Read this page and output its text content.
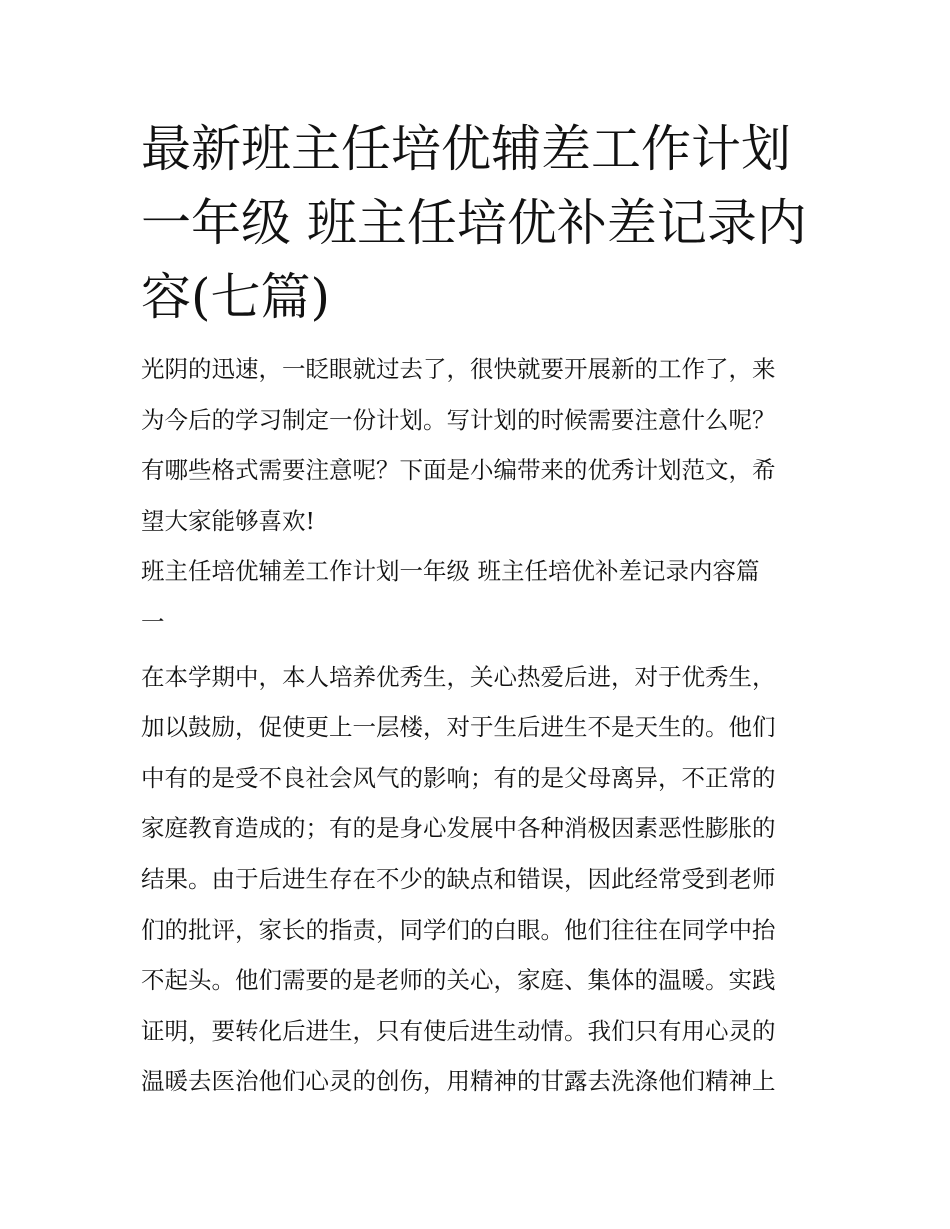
最新班主任培优辅差工作计划
一年级 班主任培优补差记录内
容(七篇)

光阴的迅速，一眨眼就过去了，很快就要开展新的工作了，来
为今后的学习制定一份计划。写计划的时候需要注意什么呢？
有哪些格式需要注意呢？下面是小编带来的优秀计划范文，希
望大家能够喜欢!

班主任培优辅差工作计划一年级 班主任培优补差记录内容篇
一

在本学期中，本人培养优秀生，关心热爱后进，对于优秀生，
加以鼓励，促使更上一层楼，对于生后进生不是天生的。他们
中有的是受不良社会风气的影响；有的是父母离异，不正常的
家庭教育造成的；有的是身心发展中各种消极因素恶性膨胀的
结果。由于后进生存在不少的缺点和错误，因此经常受到老师
们的批评，家长的指责，同学们的白眼。他们往往在同学中抬
不起头。他们需要的是老师的关心，家庭、集体的温暖。实践
证明，要转化后进生，只有使后进生动情。我们只有用心灵的
温暖去医治他们心灵的创伤，用精神的甘露去洗涤他们精神上
